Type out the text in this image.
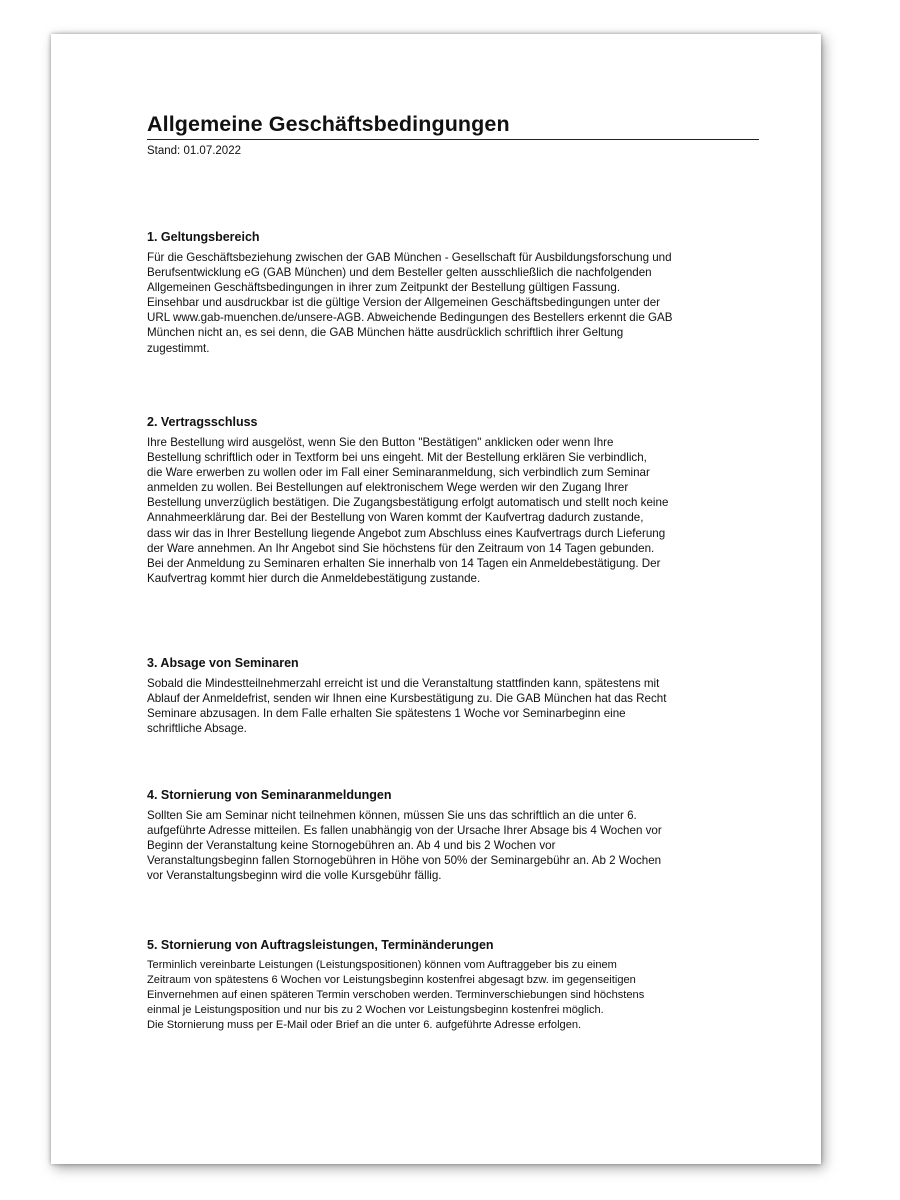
Allgemeine Geschäftsbedingungen
Stand: 01.07.2022
1. Geltungsbereich

Für die Geschäftsbeziehung zwischen der GAB München - Gesellschaft für Ausbildungsforschung und
Berufsentwicklung eG (GAB München) und dem Besteller gelten ausschließlich die nachfolgenden
Allgemeinen Geschäftsbedingungen in ihrer zum Zeitpunkt der Bestellung gültigen Fassung.
Einsehbar und ausdruckbar ist die gültige Version der Allgemeinen Geschäftsbedingungen unter der
URL www.gab-muenchen.de/unsere-AGB. Abweichende Bedingungen des Bestellers erkennt die GAB
München nicht an, es sei denn, die GAB München hätte ausdrücklich schriftlich ihrer Geltung
zugestimmt.

2. Vertragsschluss

Ihre Bestellung wird ausgelöst, wenn Sie den Button "Bestätigen" anklicken oder wenn Ihre
Bestellung schriftlich oder in Textform bei uns eingeht. Mit der Bestellung erklären Sie verbindlich,
die Ware erwerben zu wollen oder im Fall einer Seminaranmeldung, sich verbindlich zum Seminar
anmelden zu wollen. Bei Bestellungen auf elektronischem Wege werden wir den Zugang Ihrer
Bestellung unverzüglich bestätigen. Die Zugangsbestätigung erfolgt automatisch und stellt noch keine
Annahmeerklärung dar. Bei der Bestellung von Waren kommt der Kaufvertrag dadurch zustande,
dass wir das in Ihrer Bestellung liegende Angebot zum Abschluss eines Kaufvertrags durch Lieferung
der Ware annehmen. An Ihr Angebot sind Sie höchstens für den Zeitraum von 14 Tagen gebunden.
Bei der Anmeldung zu Seminaren erhalten Sie innerhalb von 14 Tagen ein Anmeldebestätigung. Der
Kaufvertrag kommt hier durch die Anmeldebestätigung zustande.

3. Absage von Seminaren

Sobald die Mindestteilnehmerzahl erreicht ist und die Veranstaltung stattfinden kann, spätestens mit
Ablauf der Anmeldefrist, senden wir Ihnen eine Kursbestätigung zu. Die GAB München hat das Recht
Seminare abzusagen. In dem Falle erhalten Sie spätestens 1 Woche vor Seminarbeginn eine
schriftliche Absage.

4. Stornierung von Seminaranmeldungen

Sollten Sie am Seminar nicht teilnehmen können, müssen Sie uns das schriftlich an die unter 6.
aufgeführte Adresse mitteilen. Es fallen unabhängig von der Ursache Ihrer Absage bis 4 Wochen vor
Beginn der Veranstaltung keine Stornogebühren an. Ab 4 und bis 2 Wochen vor
Veranstaltungsbeginn fallen Stornogebühren in Höhe von 50% der Seminargebühr an. Ab 2 Wochen
vor Veranstaltungsbeginn wird die volle Kursgebühr fällig.

5. Stornierung von Auftragsleistungen, Terminänderungen

Terminlich vereinbarte Leistungen (Leistungspositionen) können vom Auftraggeber bis zu einem
Zeitraum von spätestens 6 Wochen vor Leistungsbeginn kostenfrei abgesagt bzw. im gegenseitigen
Einvernehmen auf einen späteren Termin verschoben werden. Terminverschiebungen sind höchstens
einmal je Leistungsposition und nur bis zu 2 Wochen vor Leistungsbeginn kostenfrei möglich.
Die Stornierung muss per E-Mail oder Brief an die unter 6. aufgeführte Adresse erfolgen.
